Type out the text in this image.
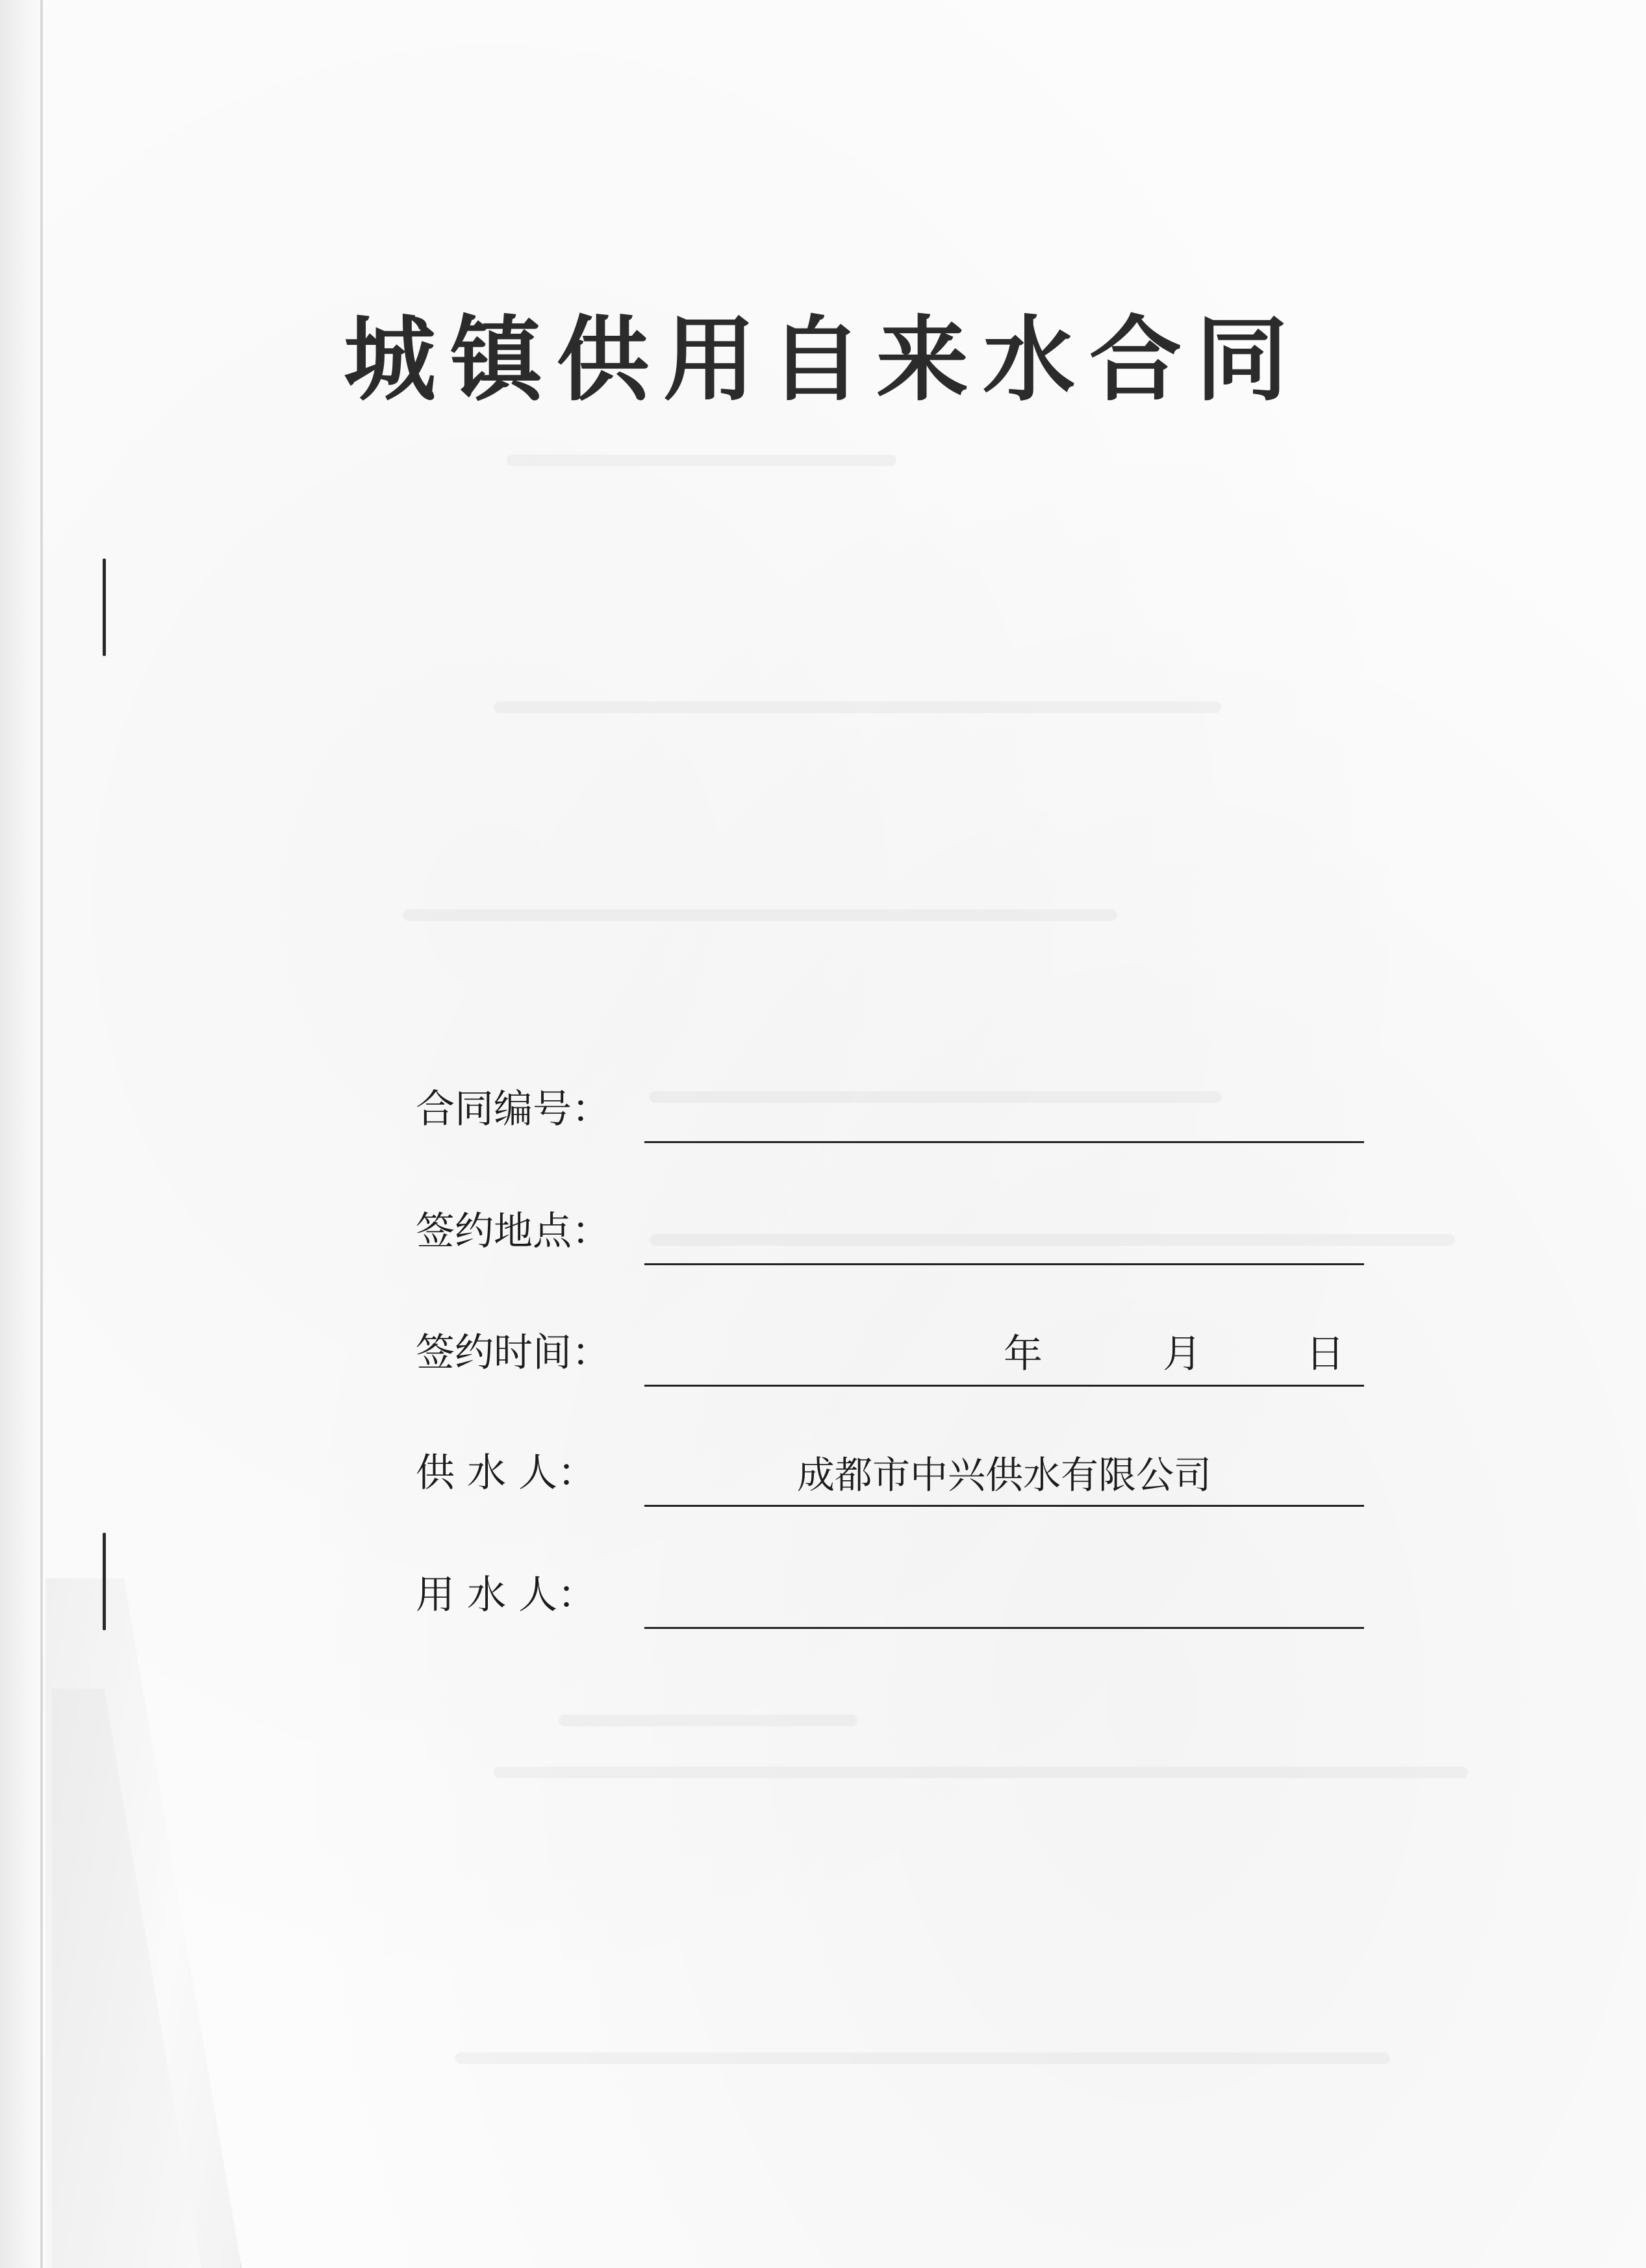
城镇供用自来水合同
合同编号：
签约地点：
签约时间：	年	月	日
供 水 人：	成都市中兴供水有限公司
用 水 人：
